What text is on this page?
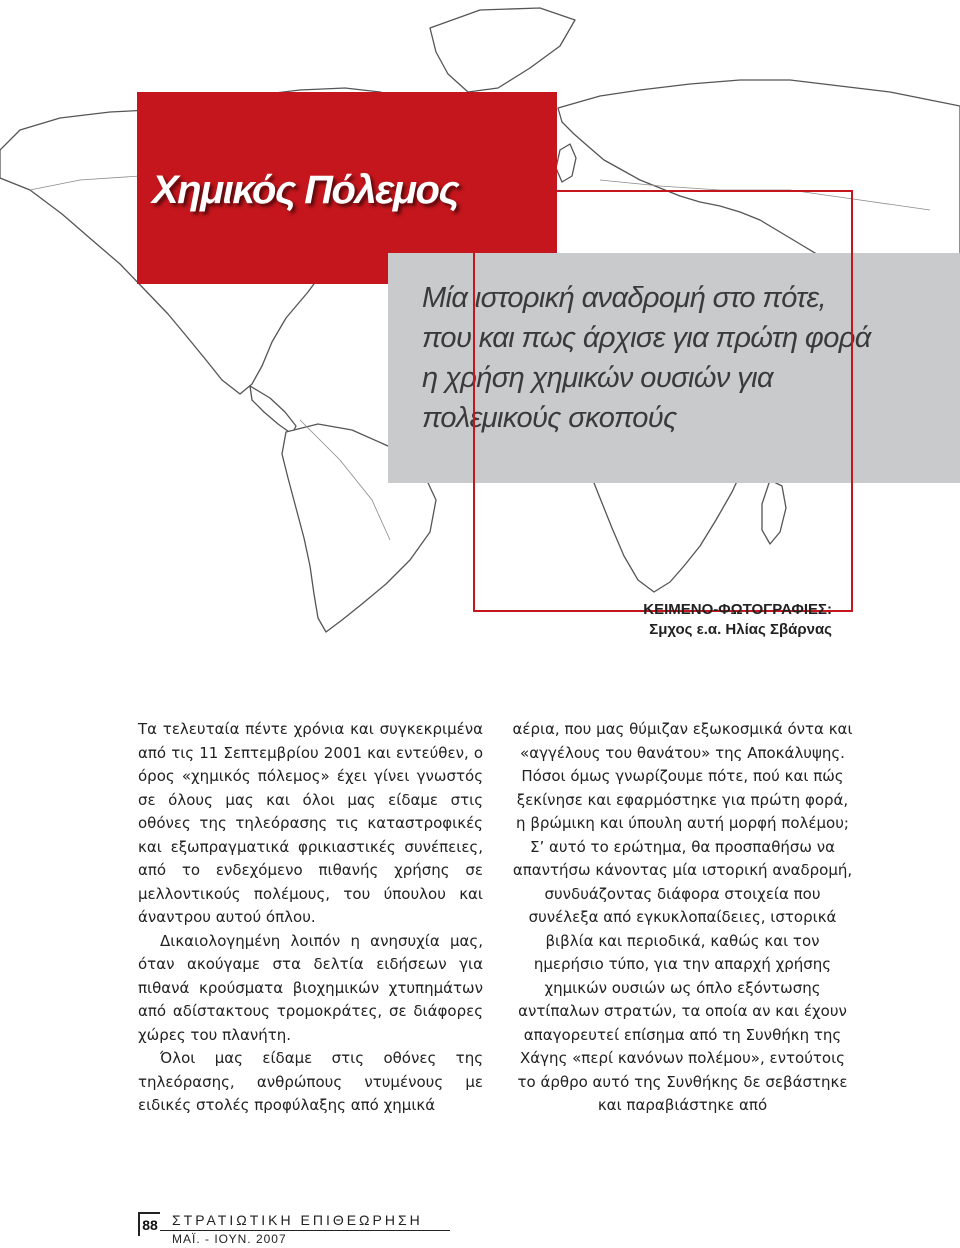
Χημικός Πόλεμος
Μία ιστορική αναδρομή στο πότε,
που και πως άρχισε για πρώτη φορά
η χρήση χημικών ουσιών για
πολεμικούς σκοπούς
ΚΕΙΜΕΝΟ-ΦΩΤΟΓΡΑΦΙΕΣ:
Σμχος ε.α. Ηλίας Σβάρνας

Τα τελευταία πέντε χρόνια και συγκεκριμένα από τις 11 Σεπτεμβρίου 2001 και εντεύθεν, ο όρος «χημικός πόλεμος» έχει γίνει γνωστός σε όλους μας και όλοι μας είδαμε στις οθόνες της τηλεόρασης τις καταστροφικές και εξωπραγματικά φρικιαστικές συνέπειες, από το ενδεχόμενο πιθανής χρήσης σε μελλοντικούς πολέμους, του ύπουλου και άναντρου αυτού όπλου.

Δικαιολογημένη λοιπόν η ανησυχία μας, όταν ακούγαμε στα δελτία ειδήσεων για πιθανά κρούσματα βιοχημικών χτυπημάτων από αδίστακτους τρομοκράτες, σε διάφορες χώρες του πλανήτη.

Όλοι μας είδαμε στις οθόνες της τηλεόρασης, ανθρώπους ντυμένους με ειδικές στολές προφύλαξης από χημικά

αέρια, που μας θύμιζαν εξωκοσμικά όντα και «αγγέλους του θανάτου» της Αποκάλυψης. Πόσοι όμως γνωρίζουμε πότε, πού και πώς ξεκίνησε και εφαρμόστηκε για πρώτη φορά, η βρώμικη και ύπουλη αυτή μορφή πολέμου;

Σ’ αυτό το ερώτημα, θα προσπαθήσω να απαντήσω κάνοντας μία ιστορική αναδρομή, συνδυάζοντας διάφορα στοιχεία που συνέλεξα από εγκυκλοπαίδειες, ιστορικά βιβλία και περιοδικά, καθώς και τον ημερήσιο τύπο, για την απαρχή χρήσης χημικών ουσιών ως όπλο εξόντωσης αντίπαλων στρατών, τα οποία αν και έχουν απαγορευτεί επίσημα από τη Συνθήκη της Χάγης «περί κανόνων πολέμου», εντούτοις το άρθρο αυτό της Συνθήκης δε σεβάστηκε και παραβιάστηκε από

88 ΣΤΡΑΤΙΩΤΙΚΗ ΕΠΙΘΕΩΡΗΣΗ
ΜΑΪ. - ΙΟΥΝ. 2007
